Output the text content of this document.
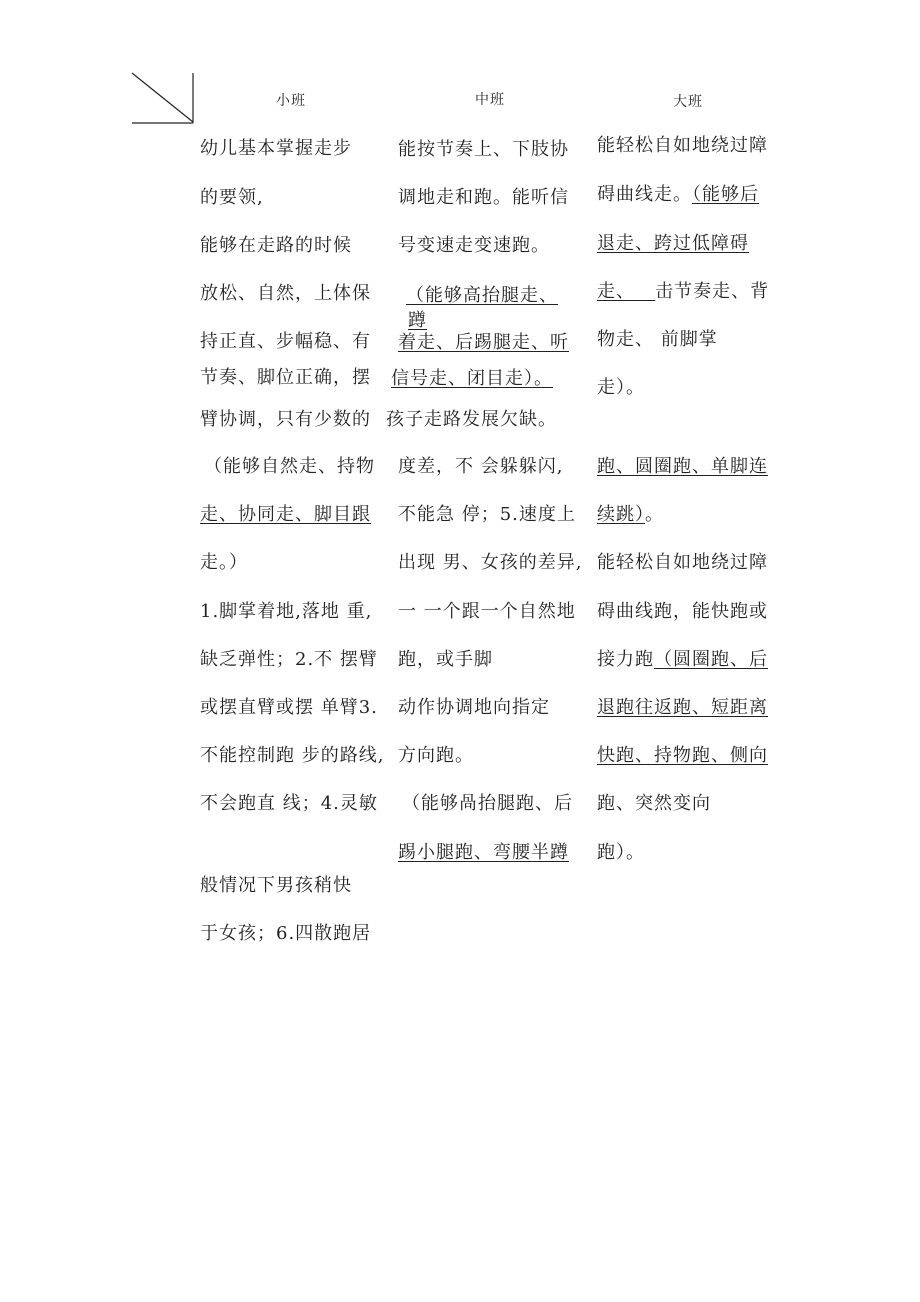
小班	中班	大班
幼儿基本掌握走步
的要领,
能够在走路的时候
放松、自然，上体保
持正直、步幅稳、有
节奏、脚位正确，摆
臂协调，只有少数的
（能够自然走、持物
走、协同走、脚目跟
走。）
1.脚掌着地,落地 重,
缺乏弹性；2.不 摆臂
或摆直臂或摆 单臂3.
不能控制跑 步的路线,
不会跑直 线；4.灵敏
般情况下男孩稍快
于女孩；6.四散跑居
能按节奏上、下肢协
调地走和跑。能听信
号变速走变速跑。
（能够高抬腿走、
蹲
着走、后踢腿走、听
信号走、闭目走）。
孩子走路发展欠缺。
度差，不 会躲躲闪,
不能急 停；5.速度上
出现 男、女孩的差异,
一 一个跟一个自然地
跑，或手脚
动作协调地向指定
方向跑。
（能够咼抬腿跑、后
踢小腿跑、弯腰半蹲
能轻松自如地绕过障
碍曲线走。（能够后
退走、跨过低障碍
走、 击节奏走、背
物走、 前脚掌
走）。
跑、圆圈跑、单脚连
续跳）。
能轻松自如地绕过障
碍曲线跑，能快跑或
接力跑（圆圈跑、后
退跑往返跑、短距离
快跑、持物跑、侧向
跑、突然变向
跑）。
